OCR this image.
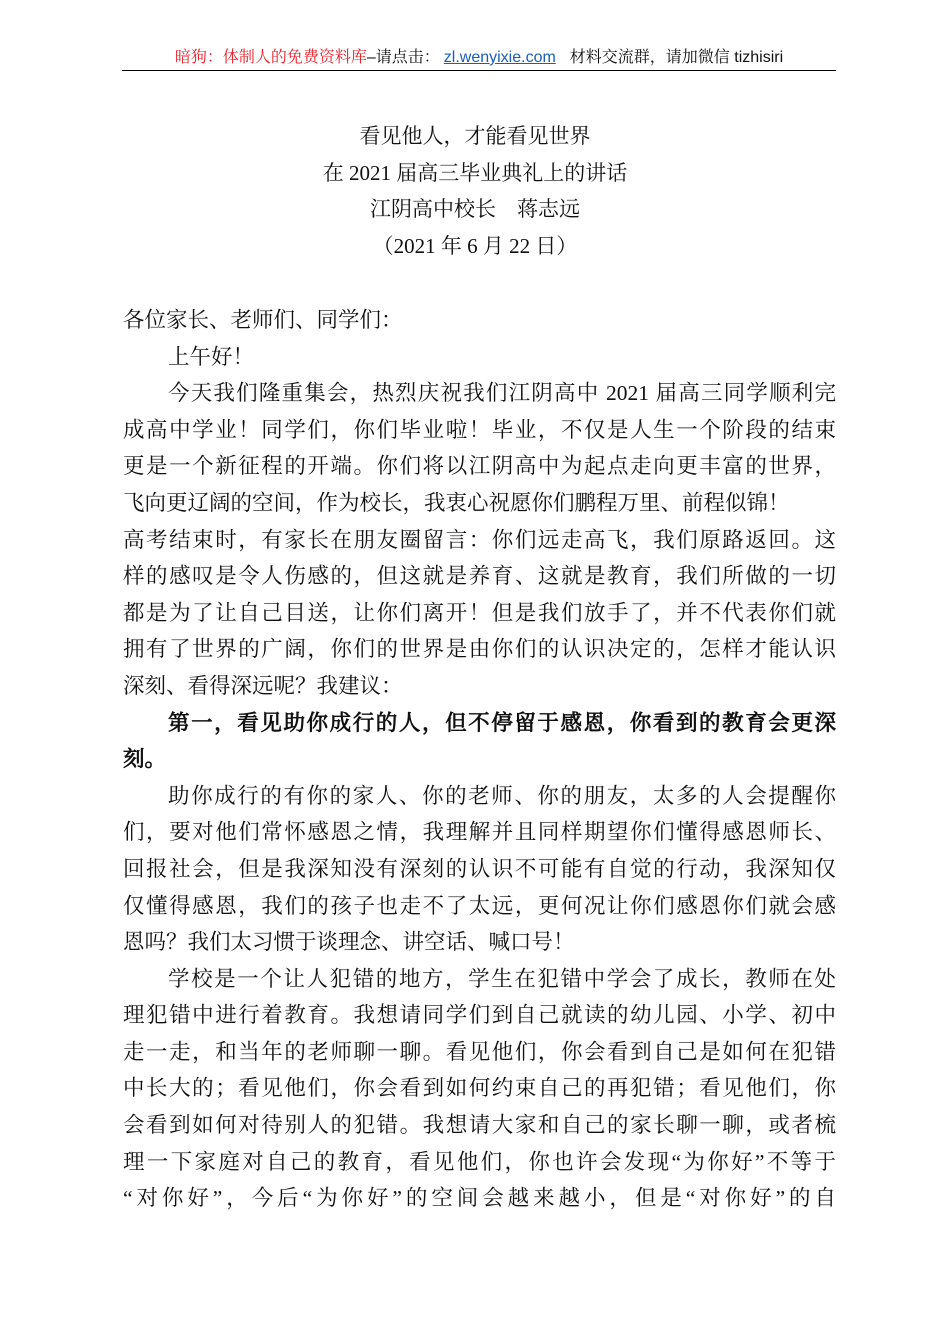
暗狗：体制人的免费资料库–请点击： zl.wenyixie.com 材料交流群，请加微信 tizhisiri
看见他人，才能看见世界
在 2021 届高三毕业典礼上的讲话
江阴高中校长　蒋志远
（2021 年 6 月 22 日）
各位家长、老师们、同学们：
上午好！
今天我们隆重集会，热烈庆祝我们江阴高中 2021 届高三同学顺利完
成高中学业！同学们，你们毕业啦！毕业，不仅是人生一个阶段的结束
更是一个新征程的开端。你们将以江阴高中为起点走向更丰富的世界，
飞向更辽阔的空间，作为校长，我衷心祝愿你们鹏程万里、前程似锦！
高考结束时，有家长在朋友圈留言：你们远走高飞，我们原路返回。这
样的感叹是令人伤感的，但这就是养育、这就是教育，我们所做的一切
都是为了让自己目送，让你们离开！但是我们放手了，并不代表你们就
拥有了世界的广阔，你们的世界是由你们的认识决定的，怎样才能认识
深刻、看得深远呢？我建议：
第一，看见助你成行的人，但不停留于感恩，你看到的教育会更深
刻。
助你成行的有你的家人、你的老师、你的朋友，太多的人会提醒你
们，要对他们常怀感恩之情，我理解并且同样期望你们懂得感恩师长、
回报社会，但是我深知没有深刻的认识不可能有自觉的行动，我深知仅
仅懂得感恩，我们的孩子也走不了太远，更何况让你们感恩你们就会感
恩吗？我们太习惯于谈理念、讲空话、喊口号！
学校是一个让人犯错的地方，学生在犯错中学会了成长，教师在处
理犯错中进行着教育。我想请同学们到自己就读的幼儿园、小学、初中
走一走，和当年的老师聊一聊。看见他们，你会看到自己是如何在犯错
中长大的；看见他们，你会看到如何约束自己的再犯错；看见他们，你
会看到如何对待别人的犯错。我想请大家和自己的家长聊一聊，或者梳
理一下家庭对自己的教育，看见他们，你也许会发现“为你好”不等于
“对你好”，今后“为你好”的空间会越来越小，但是“对你好”的自
